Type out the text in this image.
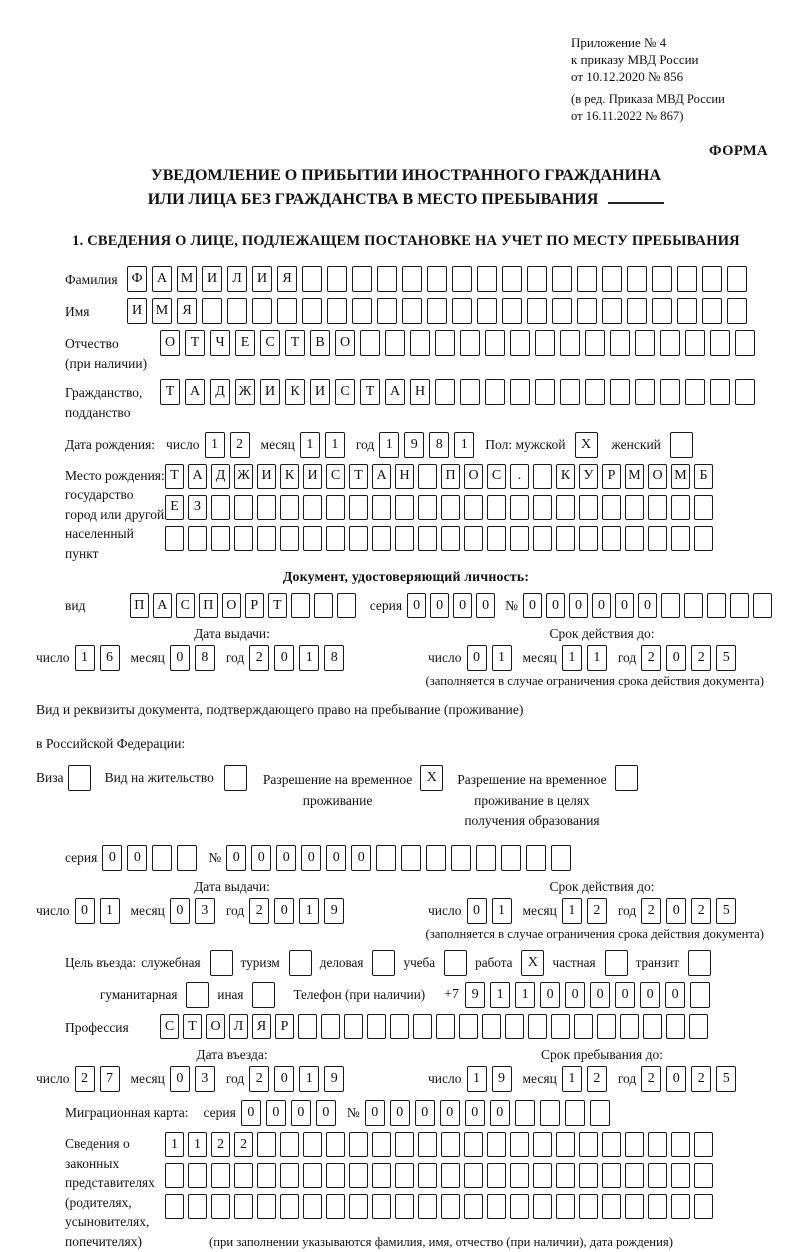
Приложение № 4
к приказу МВД России
от 10.12.2020 № 856
(в ред. Приказа МВД России
от 16.11.2022 № 867)
ФОРМА
УВЕДОМЛЕНИЕ О ПРИБЫТИИ ИНОСТРАННОГО ГРАЖДАНИНА
ИЛИ ЛИЦА БЕЗ ГРАЖДАНСТВА В МЕСТО ПРЕБЫВАНИЯ
1. СВЕДЕНИЯ О ЛИЦЕ, ПОДЛЕЖАЩЕМ ПОСТАНОВКЕ НА УЧЕТ ПО МЕСТУ ПРЕБЫВАНИЯ
Фамилия Ф	А М И	Л	И	Я
Имя	И М	Я
Отчество
(при наличии)
О	Т	Ч	Е	С	Т	В	О
Гражданство,
подданство
Т	А	Д Ж И	К	И	С	Т	А	Н
Дата рождения: число 1	2	месяц 1	1	год 1	9	8	1	Пол: мужской	X	женский
Место рождения:
государство
город или другой
населенный пункт
Т А Д Ж И К И С	Т А Н	П О С	.	К У	Р М О М Б
Е	З
Документ, удостоверяющий личность:
вид	П А С П О	Р	Т	серия 0	0	0	0	№ 0	0	0	0	0	0
Дата выдачи:
число 1	6	месяц 0	8	год 2	0	1	8
Срок действия до:
число 0	1	месяц 1	1	год 2	0	2	5
(заполняется в случае ограничения срока действия документа)
Вид и реквизиты документа, подтверждающего право на пребывание (проживание)
в Российской Федерации:
Виза	Вид на жительство	Разрешение на временное
проживание
X	Разрешение на временное
проживание в целях
получения образования
серия 0	0	№ 0	0	0	0	0	0
Дата выдачи:
число 0	1	месяц 0	3	год 2	0	1	9
Срок действия до:
число 0	1	месяц 1	2	год 2	0	2	5
(заполняется в случае ограничения срока действия документа)
Цель въезда: служебная	туризм	деловая	учеба	работа	X	частная	транзит
гуманитарная	иная	Телефон (при наличии) +7 9	1	1	0	0	0	0	0	0
Профессия	С	Т О Л Я	Р
Дата въезда:
число 2	7	месяц 0	3	год 2	0	1	9
Срок пребывания до:
число 1	9	месяц 1	2	год 2	0	2	5
Миграционная карта: серия 0	0	0	0	№ 0	0	0	0	0	0
Сведения о
законных
представителях
(родителях,
усыновителях,
попечителях)
1	1	2	2
(при заполнении указываются фамилия, имя, отчество (при наличии), дата рождения)
